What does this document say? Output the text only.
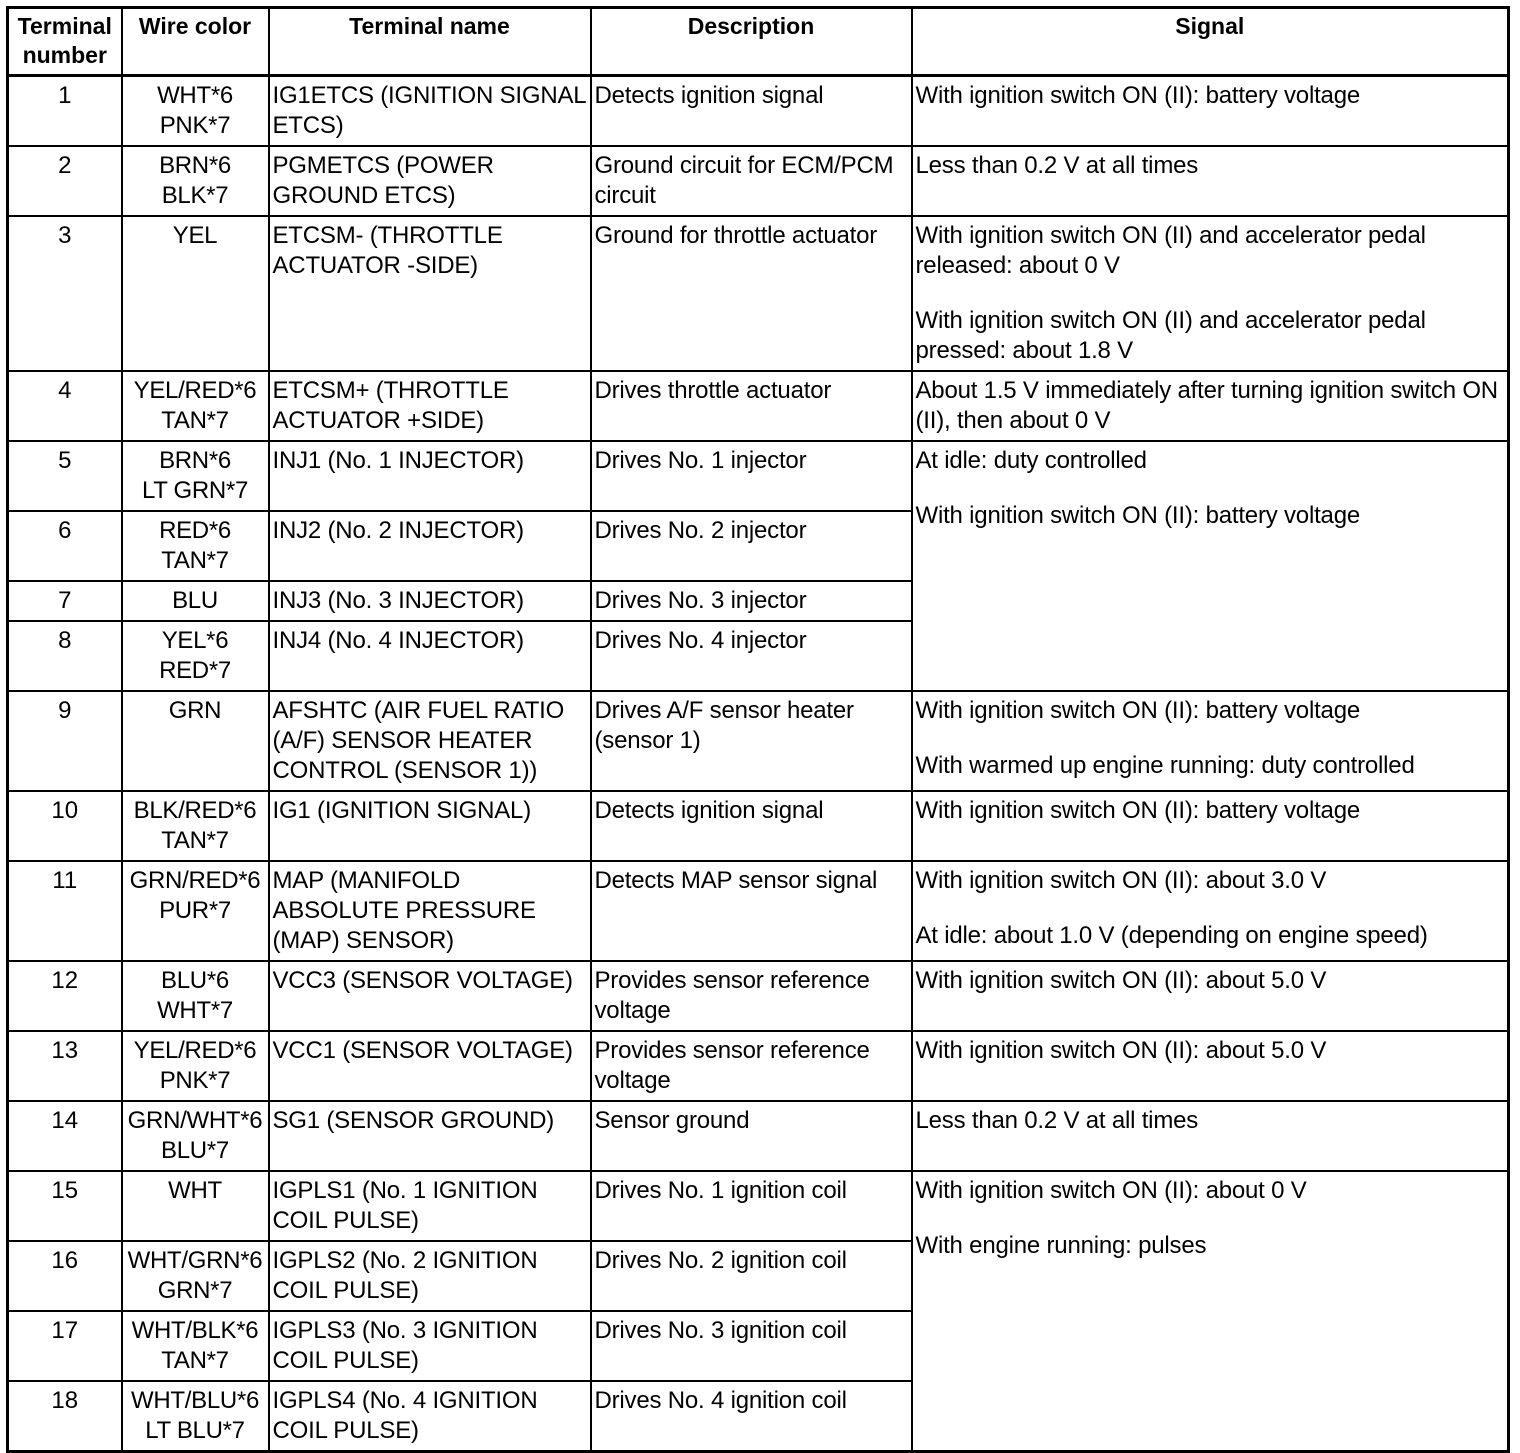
Terminal number	Wire color	Terminal name	Description	Signal
1	WHT*6
PNK*7	IG1ETCS (IGNITION SIGNAL ETCS)	Detects ignition signal	With ignition switch ON (II): battery voltage

2	BRN*6
BLK*7	PGMETCS (POWER GROUND ETCS)	Ground circuit for ECM/PCM circuit	Less than 0.2 V at all times

3	YEL	ETCSM- (THROTTLE ACTUATOR -SIDE)	Ground for throttle actuator	With ignition switch ON (II) and accelerator pedal released: about 0 V
With ignition switch ON (II) and accelerator pedal pressed: about 1.8 V

4	YEL/RED*6
TAN*7	ETCSM+ (THROTTLE ACTUATOR +SIDE)	Drives throttle actuator	About 1.5 V immediately after turning ignition switch ON (II), then about 0 V

5	BRN*6
LT GRN*7	INJ1 (No. 1 INJECTOR)	Drives No. 1 injector	At idle: duty controlled
With ignition switch ON (II): battery voltage

6	RED*6
TAN*7	INJ2 (No. 2 INJECTOR)	Drives No. 2 injector	
7	BLU	INJ3 (No. 3 INJECTOR)	Drives No. 3 injector	
8	YEL*6
RED*7	INJ4 (No. 4 INJECTOR)	Drives No. 4 injector	
9	GRN	AFSHTC (AIR FUEL RATIO (A/F) SENSOR HEATER CONTROL (SENSOR 1))	Drives A/F sensor heater (sensor 1)	With ignition switch ON (II): battery voltage
With warmed up engine running: duty controlled

10	BLK/RED*6
TAN*7	IG1 (IGNITION SIGNAL)	Detects ignition signal	With ignition switch ON (II): battery voltage

11	GRN/RED*6
PUR*7	MAP (MANIFOLD ABSOLUTE PRESSURE (MAP) SENSOR)	Detects MAP sensor signal	With ignition switch ON (II): about 3.0 V
At idle: about 1.0 V (depending on engine speed)

12	BLU*6
WHT*7	VCC3 (SENSOR VOLTAGE)	Provides sensor reference voltage	With ignition switch ON (II): about 5.0 V

13	YEL/RED*6
PNK*7	VCC1 (SENSOR VOLTAGE)	Provides sensor reference voltage	With ignition switch ON (II): about 5.0 V

14	GRN/WHT*6
BLU*7	SG1 (SENSOR GROUND)	Sensor ground	Less than 0.2 V at all times

15	WHT	IGPLS1 (No. 1 IGNITION COIL PULSE)	Drives No. 1 ignition coil	With ignition switch ON (II): about 0 V
With engine running: pulses

16	WHT/GRN*6
GRN*7	IGPLS2 (No. 2 IGNITION COIL PULSE)	Drives No. 2 ignition coil	
17	WHT/BLK*6
TAN*7	IGPLS3 (No. 3 IGNITION COIL PULSE)	Drives No. 3 ignition coil	
18	WHT/BLU*6
LT BLU*7	IGPLS4 (No. 4 IGNITION COIL PULSE)	Drives No. 4 ignition coil	
